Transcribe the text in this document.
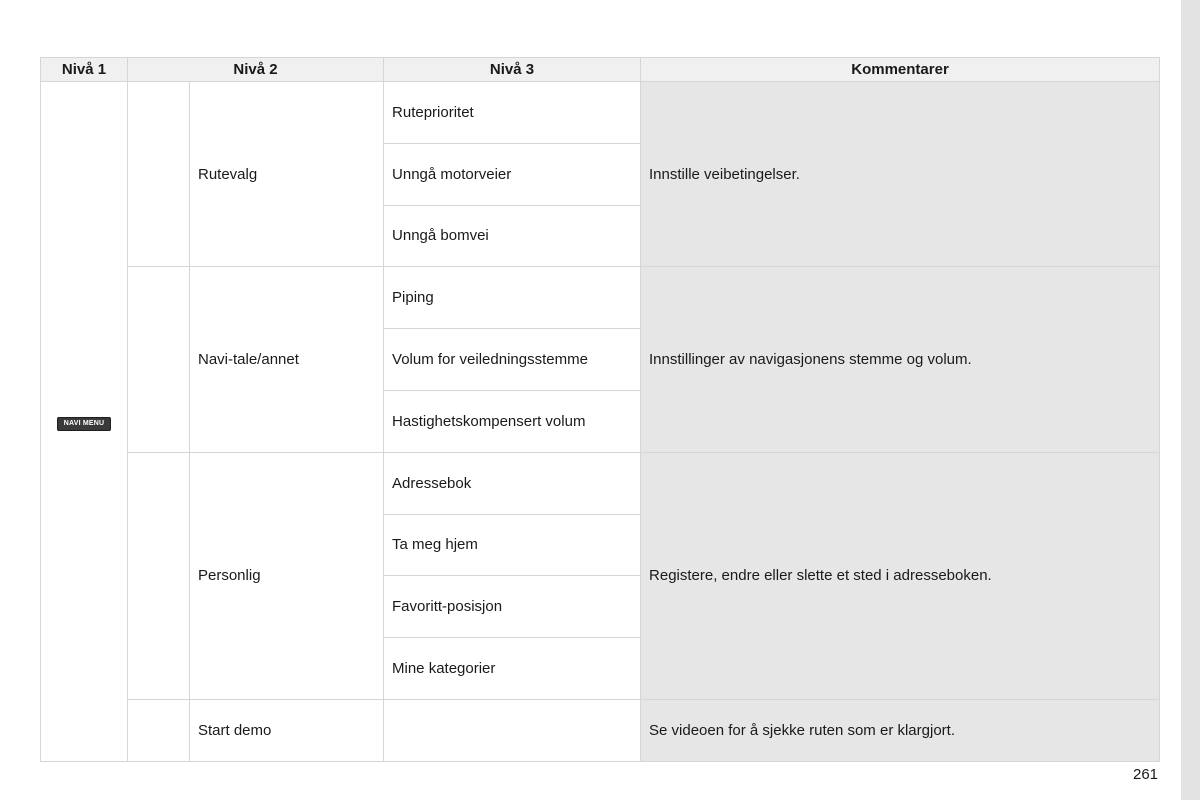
Nivå 1	Nivå 2		Nivå 3	Kommentarer
NAVI MENU		Rutevalg	Ruteprioritet	Innstille veibetingelser.
			Unngå motorveier	
			Unngå bomvei	
		Navi-tale/annet	Piping	Innstillinger av navigasjonens stemme og volum.
			Volum for veiledningsstemme	
			Hastighetskompensert volum	
		Personlig	Adressebok	Registere, endre eller slette et sted i adresseboken.
			Ta meg hjem	
			Favoritt-posisjon	
			Mine kategorier	
		Start demo		Se videoen for å sjekke ruten som er klargjort.
261
